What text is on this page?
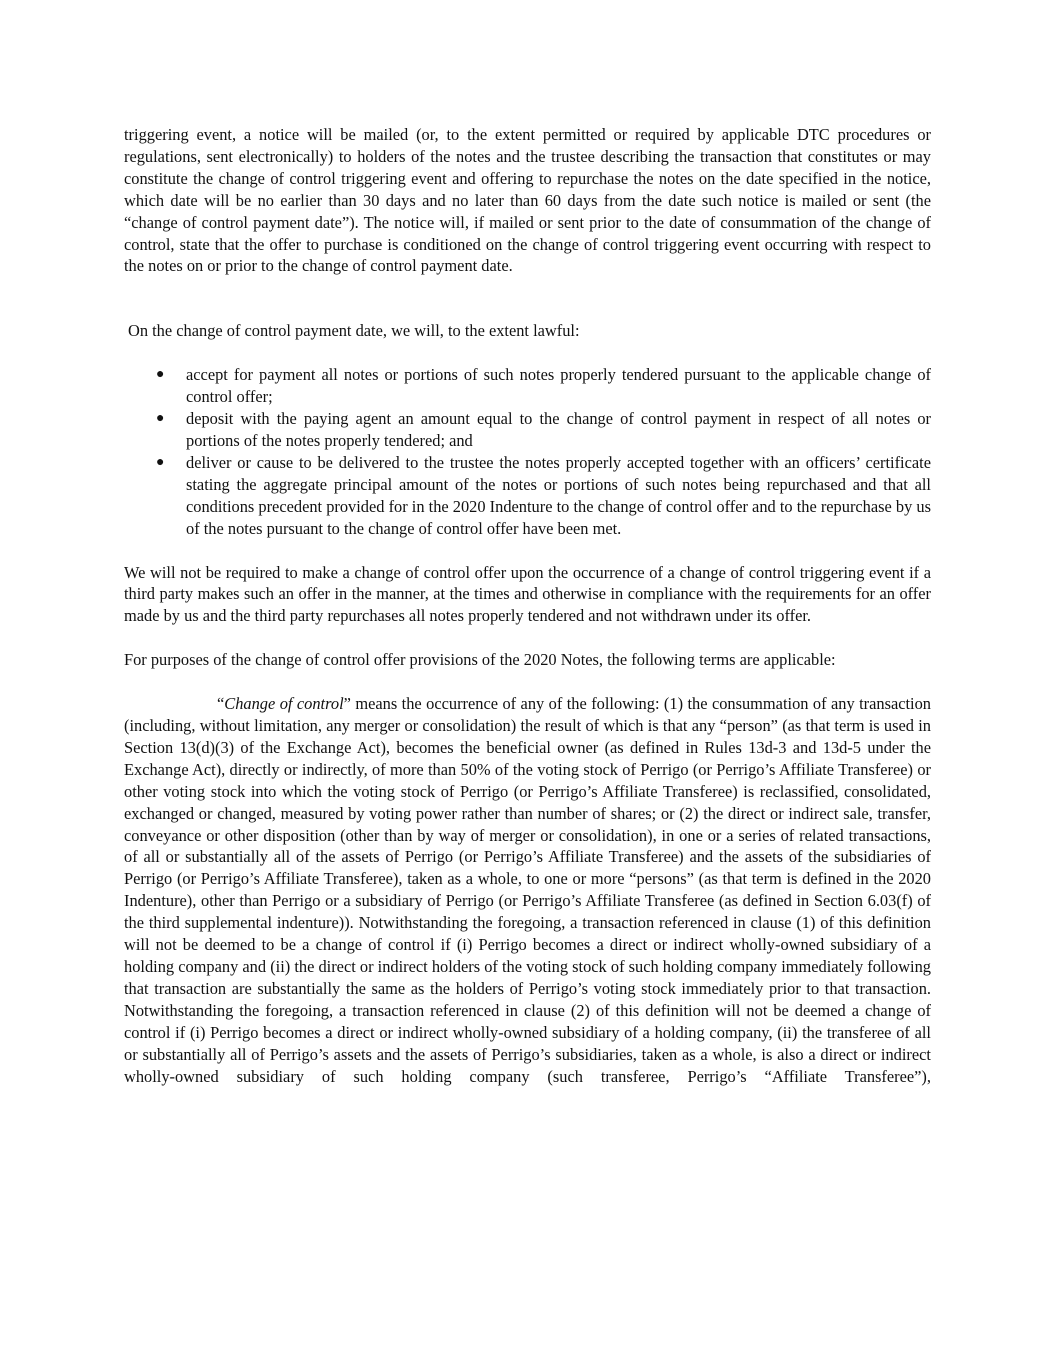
triggering event, a notice will be mailed (or, to the extent permitted or required by applicable DTC procedures or regulations, sent electronically) to holders of the notes and the trustee describing the transaction that constitutes or may constitute the change of control triggering event and offering to repurchase the notes on the date specified in the notice, which date will be no earlier than 30 days and no later than 60 days from the date such notice is mailed or sent (the “change of control payment date”). The notice will, if mailed or sent prior to the date of consummation of the change of control, state that the offer to purchase is conditioned on the change of control triggering event occurring with respect to the notes on or prior to the change of control payment date.

On the change of control payment date, we will, to the extent lawful:

● accept for payment all notes or portions of such notes properly tendered pursuant to the applicable change of control offer;
● deposit with the paying agent an amount equal to the change of control payment in respect of all notes or portions of the notes properly tendered; and
● deliver or cause to be delivered to the trustee the notes properly accepted together with an officers’ certificate stating the aggregate principal amount of the notes or portions of such notes being repurchased and that all conditions precedent provided for in the 2020 Indenture to the change of control offer and to the repurchase by us of the notes pursuant to the change of control offer have been met.

We will not be required to make a change of control offer upon the occurrence of a change of control triggering event if a third party makes such an offer in the manner, at the times and otherwise in compliance with the requirements for an offer made by us and the third party repurchases all notes properly tendered and not withdrawn under its offer.

For purposes of the change of control offer provisions of the 2020 Notes, the following terms are applicable:

“Change of control” means the occurrence of any of the following: (1) the consummation of any transaction (including, without limitation, any merger or consolidation) the result of which is that any “person” (as that term is used in Section 13(d)(3) of the Exchange Act), becomes the beneficial owner (as defined in Rules 13d-3 and 13d-5 under the Exchange Act), directly or indirectly, of more than 50% of the voting stock of Perrigo (or Perrigo’s Affiliate Transferee) or other voting stock into which the voting stock of Perrigo (or Perrigo’s Affiliate Transferee) is reclassified, consolidated, exchanged or changed, measured by voting power rather than number of shares; or (2) the direct or indirect sale, transfer, conveyance or other disposition (other than by way of merger or consolidation), in one or a series of related transactions, of all or substantially all of the assets of Perrigo (or Perrigo’s Affiliate Transferee) and the assets of the subsidiaries of Perrigo (or Perrigo’s Affiliate Transferee), taken as a whole, to one or more “persons” (as that term is defined in the 2020 Indenture), other than Perrigo or a subsidiary of Perrigo (or Perrigo’s Affiliate Transferee (as defined in Section 6.03(f) of the third supplemental indenture)). Notwithstanding the foregoing, a transaction referenced in clause (1) of this definition will not be deemed to be a change of control if (i) Perrigo becomes a direct or indirect wholly-owned subsidiary of a holding company and (ii) the direct or indirect holders of the voting stock of such holding company immediately following that transaction are substantially the same as the holders of Perrigo’s voting stock immediately prior to that transaction. Notwithstanding the foregoing, a transaction referenced in clause (2) of this definition will not be deemed a change of control if (i) Perrigo becomes a direct or indirect wholly-owned subsidiary of a holding company, (ii) the transferee of all or substantially all of Perrigo’s assets and the assets of Perrigo’s subsidiaries, taken as a whole, is also a direct or indirect wholly-owned subsidiary of such holding company (such transferee, Perrigo’s “Affiliate Transferee”),
